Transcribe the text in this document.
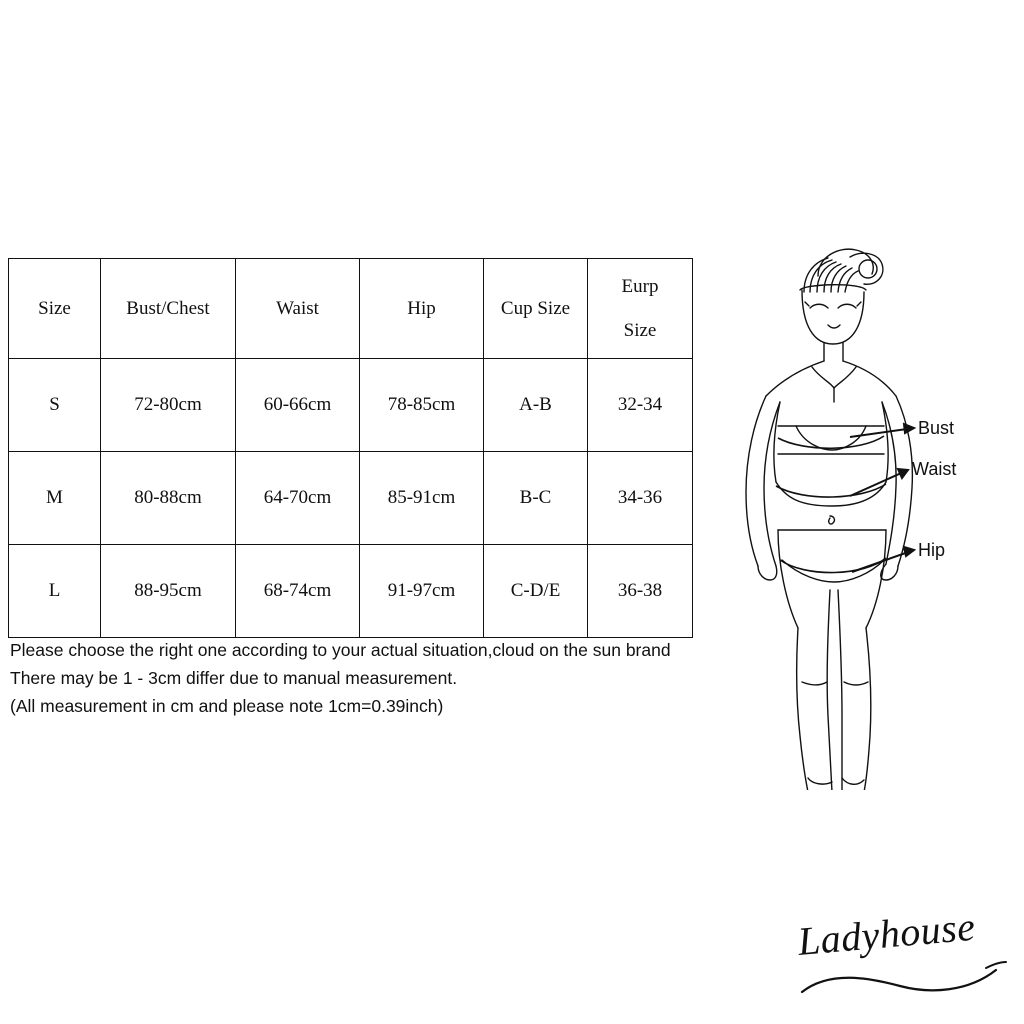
Size	Bust/Chest	Waist	Hip	Cup Size	Eurp
Size

S	72-80cm	60-66cm	78-85cm	A-B	32-34
M	80-88cm	64-70cm	85-91cm	B-C	34-36
L	88-95cm	68-74cm	91-97cm	C-D/E	36-38
Please choose the right one according to your actual situation,cloud on the sun brand
There may be 1 - 3cm differ due to manual measurement.
(All measurement in cm and please note 1cm=0.39inch)
Bust
Waist
Hip
Ladyhouse
